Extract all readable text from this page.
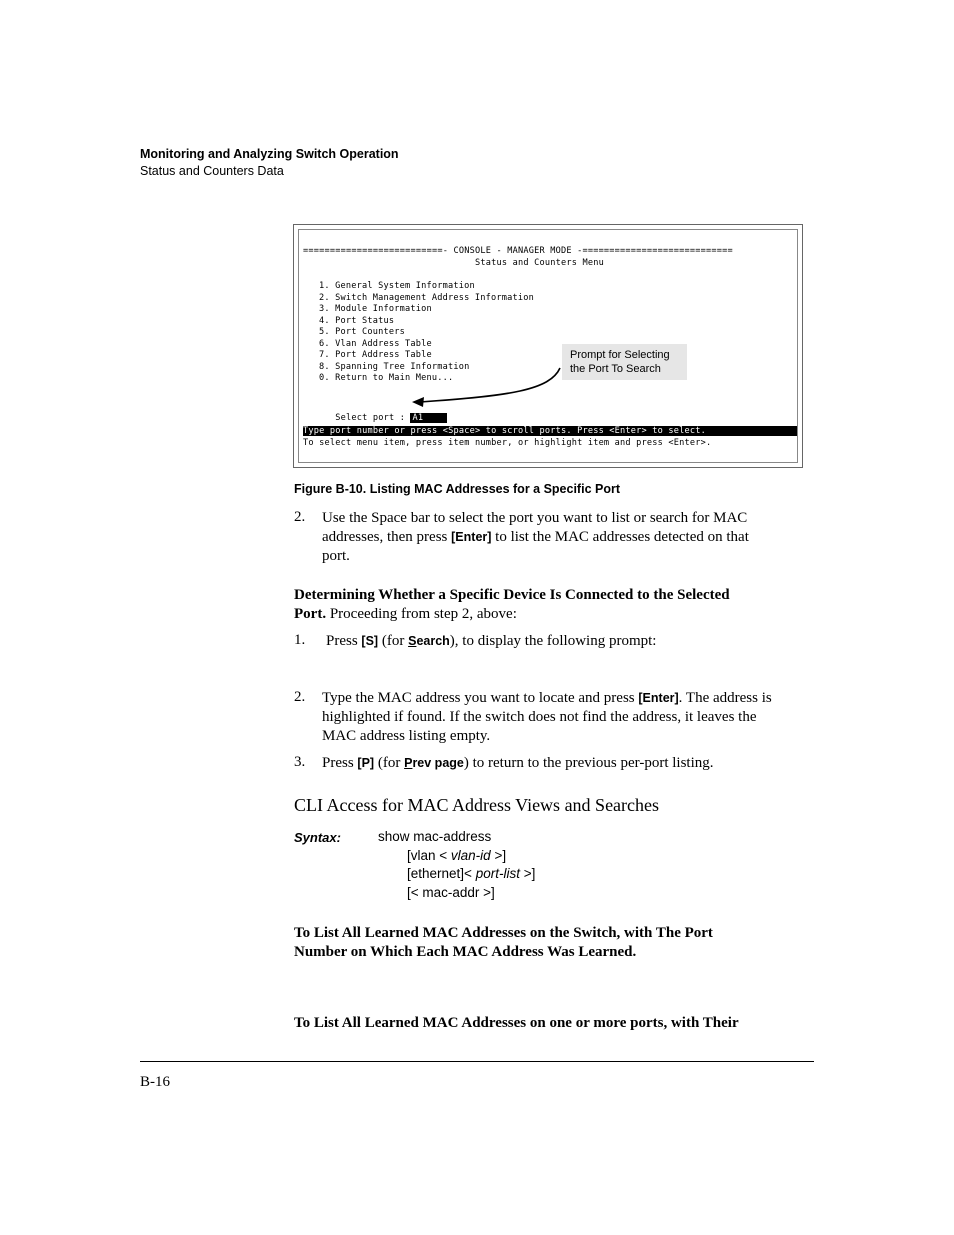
Monitoring and Analyzing Switch Operation
Status and Counters Data
==========================- CONSOLE - MANAGER MODE -============================
Status and Counters Menu
1. General System Information
2. Switch Management Address Information
3. Module Information
4. Port Status
5. Port Counters
6. Vlan Address Table
7. Port Address Table
8. Spanning Tree Information
0. Return to Main Menu...

Select port : A1

Type port number or press <Space> to scroll ports. Press <Enter> to select.
To select menu item, press item number, or highlight item and press <Enter>.
Prompt for Selecting
the Port To Search
Figure B-10. Listing MAC Addresses for a Specific Port
2. Use the Space bar to select the port you want to list or search for MAC
addresses, then press [Enter] to list the MAC addresses detected on that
port.
Determining Whether a Specific Device Is Connected to the Selected
Port. Proceeding from step 2, above:
1. Press [S] (for Search), to display the following prompt:
2. Type the MAC address you want to locate and press [Enter]. The address is
highlighted if found. If the switch does not find the address, it leaves the
MAC address listing empty.
3. Press [P] (for Prev page) to return to the previous per-port listing.
CLI Access for MAC Address Views and Searches
Syntax:	show mac-address
[vlan < vlan-id >]
[ethernet]< port-list >]
[< mac-addr >]
To List All Learned MAC Addresses on the Switch, with The Port
Number on Which Each MAC Address Was Learned.
To List All Learned MAC Addresses on one or more ports, with Their
B-16
